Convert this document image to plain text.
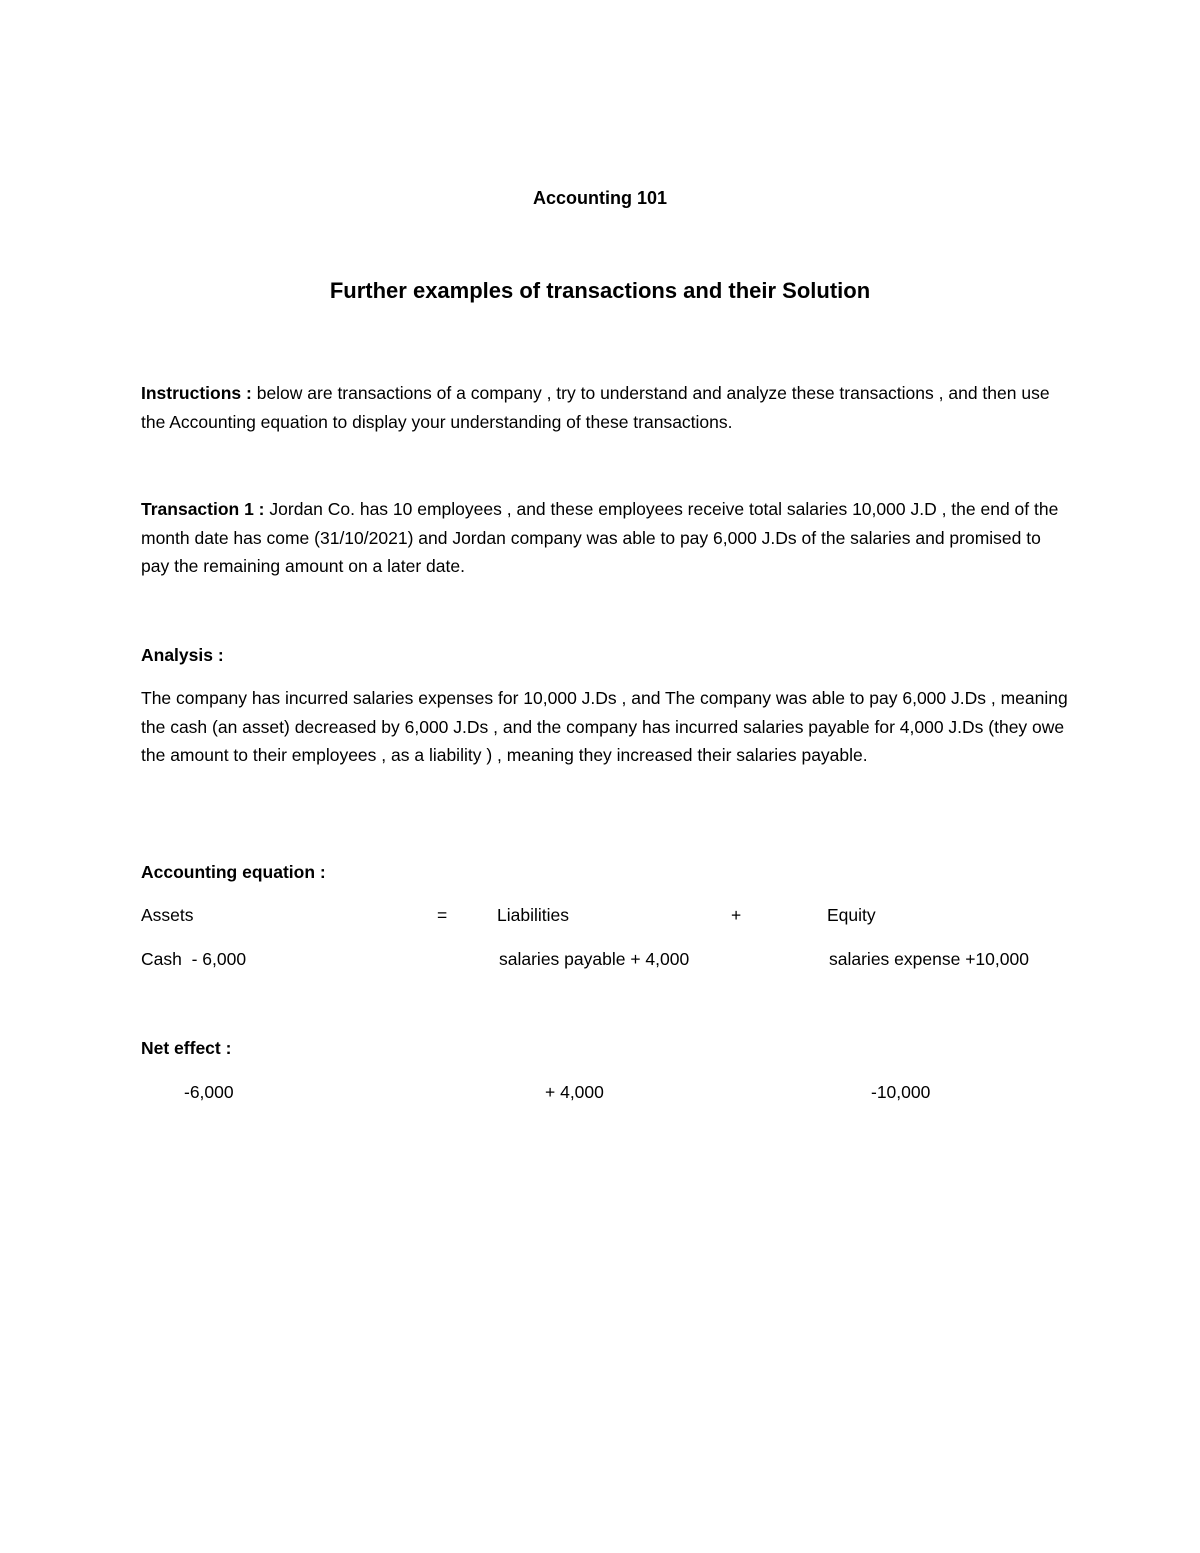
Accounting 101
Further examples of transactions and their Solution
Instructions : below are transactions of a company , try to understand and analyze these transactions , and then use the Accounting equation to display your understanding of these transactions.
Transaction 1 : Jordan Co. has 10 employees , and these employees receive total salaries 10,000 J.D , the end of the month date has come (31/10/2021) and Jordan company was able to pay 6,000 J.Ds of the salaries and promised to pay the remaining amount on a later date.
Analysis :
The company has incurred salaries expenses for 10,000 J.Ds , and The company was able to pay 6,000 J.Ds , meaning the cash (an asset) decreased by 6,000 J.Ds , and the company has incurred salaries payable for 4,000 J.Ds (they owe the amount to their employees , as a liability ) , meaning they increased their salaries payable.
Accounting equation :
Assets	=	Liabilities	+	Equity
Cash  - 6,000	salaries payable + 4,000	salaries expense +10,000
Net effect :
-6,000	+ 4,000	-10,000
